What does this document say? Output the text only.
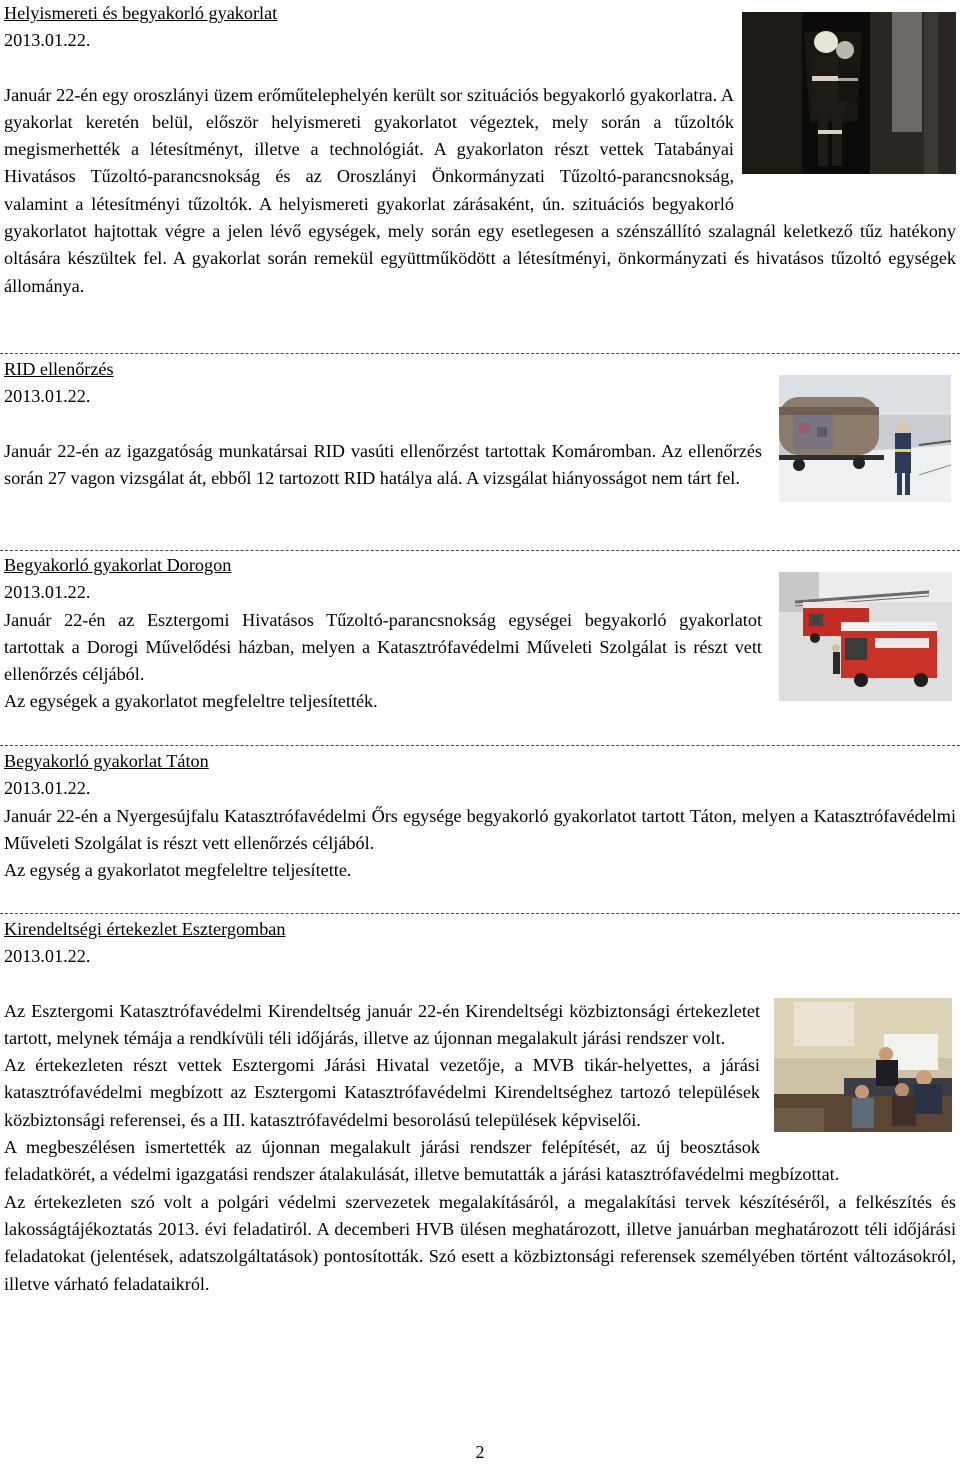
Helyismereti és begyakorló gyakorlat
2013.01.22.

Január 22-én egy oroszlányi üzem erőműtelephelyén került sor szituációs begyakorló gyakorlatra. A gyakorlat keretén belül, először helyismereti gyakorlatot végeztek, mely során a tűzoltók megismerhették a létesítményt, illetve a technológiát. A gyakorlaton részt vettek Tatabányai Hivatásos Tűzoltó-parancsnokság és az Oroszlányi Önkormányzati Tűzoltó-parancsnokság, valamint a létesítményi tűzoltók. A helyismereti gyakorlat zárásaként, ún. szituációs begyakorló gyakorlatot hajtottak végre a jelen lévő egységek, mely során egy esetlegesen a szénszállító szalagnál keletkező tűz hatékony oltására készültek fel. A gyakorlat során remekül együttműködött a létesítményi, önkormányzati és hivatásos tűzoltó egységek állománya.

RID ellenőrzés
2013.01.22.

Január 22-én az igazgatóság munkatársai RID vasúti ellenőrzést tartottak Komáromban. Az ellenőrzés során 27 vagon vizsgálat át, ebből 12 tartozott RID hatálya alá. A vizsgálat hiányosságot nem tárt fel.

Begyakorló gyakorlat Dorogon
2013.01.22.

Január 22-én az Esztergomi Hivatásos Tűzoltó-parancsnokság egységei begyakorló gyakorlatot tartottak a Dorogi Művelődési házban, melyen a Katasztrófavédelmi Műveleti Szolgálat is részt vett ellenőrzés céljából.

Az egységek a gyakorlatot megfeleltre teljesítették.

Begyakorló gyakorlat Táton
2013.01.22.

Január 22-én a Nyergesújfalu Katasztrófavédelmi Őrs egysége begyakorló gyakorlatot tartott Táton, melyen a Katasztrófavédelmi Műveleti Szolgálat is részt vett ellenőrzés céljából.

Az egység a gyakorlatot megfeleltre teljesítette.

Kirendeltségi értekezlet Esztergomban
2013.01.22.

Az Esztergomi Katasztrófavédelmi Kirendeltség január 22-én Kirendeltségi közbiztonsági értekezletet tartott, melynek témája a rendkívüli téli időjárás, illetve az újonnan megalakult járási rendszer volt.

Az értekezleten részt vettek Esztergomi Járási Hivatal vezetője, a MVB tikár-helyettes, a járási katasztrófavédelmi megbízott az Esztergomi Katasztrófavédelmi Kirendeltséghez tartozó települések közbiztonsági referensei, és a III. katasztrófavédelmi besorolású települések képviselői.

A megbeszélésen ismertették az újonnan megalakult járási rendszer felépítését, az új beosztások feladatkörét, a védelmi igazgatási rendszer átalakulását, illetve bemutatták a járási katasztrófavédelmi megbízottat.

Az értekezleten szó volt a polgári védelmi szervezetek megalakításáról, a megalakítási tervek készítéséről, a felkészítés és lakosságtájékoztatás 2013. évi feladatiról. A decemberi HVB ülésen meghatározott, illetve januárban meghatározott téli időjárási feladatokat (jelentések, adatszolgáltatások) pontosították. Szó esett a közbiztonsági referensek személyében történt változásokról, illetve várható feladataikról.

2
